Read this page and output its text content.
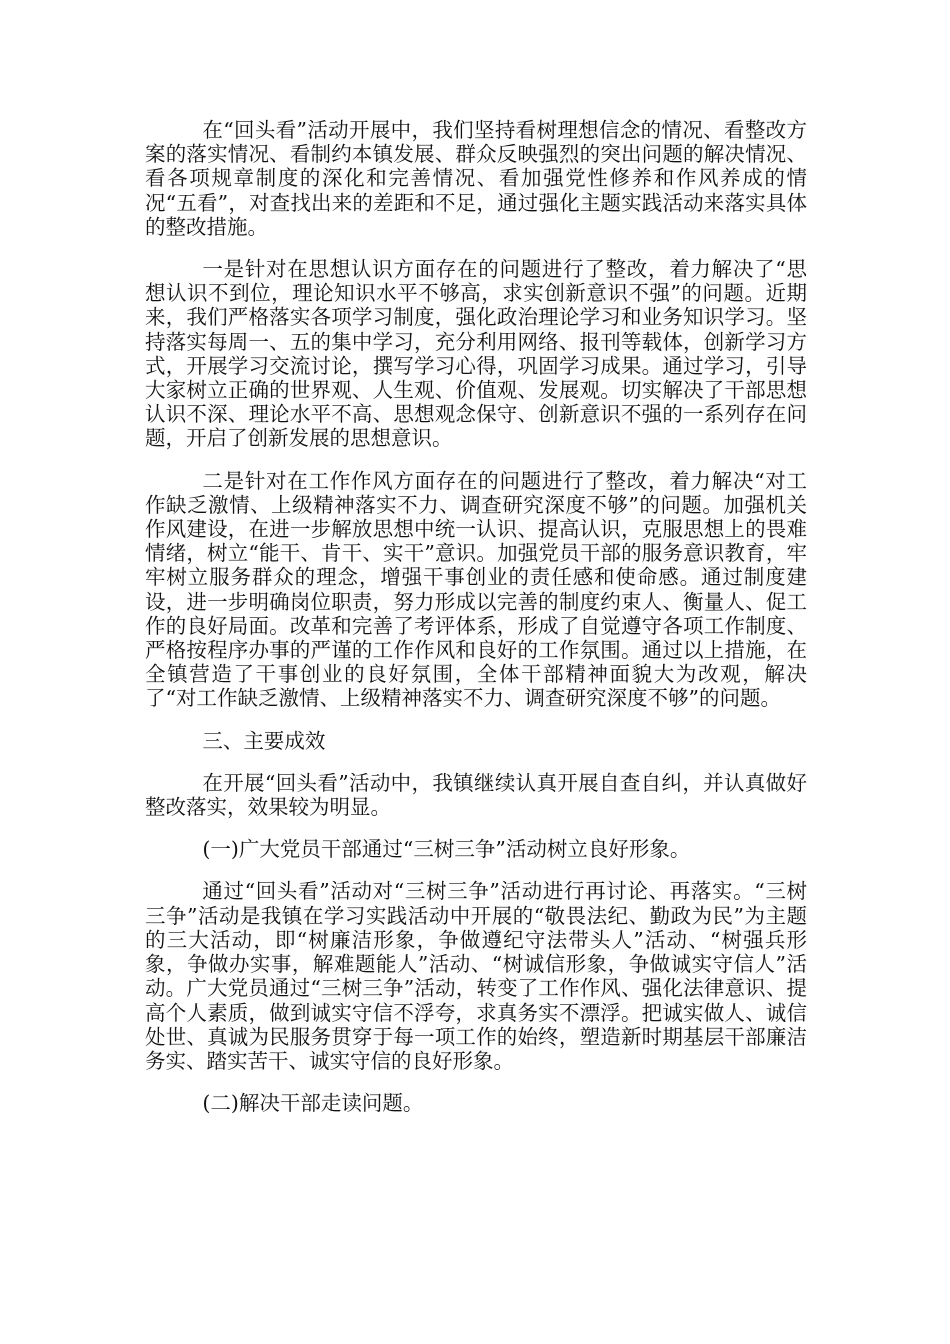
在“回头看”活动开展中，我们坚持看树理想信念的情况、看整改方案的落实情况、看制约本镇发展、群众反映强烈的突出问题的解决情况、看各项规章制度的深化和完善情况、看加强党性修养和作风养成的情况“五看”，对查找出来的差距和不足，通过强化主题实践活动来落实具体的整改措施。

一是针对在思想认识方面存在的问题进行了整改，着力解决了“思想认识不到位，理论知识水平不够高，求实创新意识不强”的问题。近期来，我们严格落实各项学习制度，强化政治理论学习和业务知识学习。坚持落实每周一、五的集中学习，充分利用网络、报刊等载体，创新学习方式，开展学习交流讨论，撰写学习心得，巩固学习成果。通过学习，引导大家树立正确的世界观、人生观、价值观、发展观。切实解决了干部思想认识不深、理论水平不高、思想观念保守、创新意识不强的一系列存在问题，开启了创新发展的思想意识。

二是针对在工作作风方面存在的问题进行了整改，着力解决“对工作缺乏激情、上级精神落实不力、调查研究深度不够”的问题。加强机关作风建设，在进一步解放思想中统一认识、提高认识，克服思想上的畏难情绪，树立“能干、肯干、实干”意识。加强党员干部的服务意识教育，牢牢树立服务群众的理念，增强干事创业的责任感和使命感。通过制度建设，进一步明确岗位职责，努力形成以完善的制度约束人、衡量人、促工作的良好局面。改革和完善了考评体系，形成了自觉遵守各项工作制度、严格按程序办事的严谨的工作作风和良好的工作氛围。通过以上措施，在全镇营造了干事创业的良好氛围，全体干部精神面貌大为改观，解决了“对工作缺乏激情、上级精神落实不力、调查研究深度不够”的问题。

三、主要成效

在开展“回头看”活动中，我镇继续认真开展自查自纠，并认真做好整改落实，效果较为明显。

(一)广大党员干部通过“三树三争”活动树立良好形象。

通过“回头看”活动对“三树三争”活动进行再讨论、再落实。“三树三争”活动是我镇在学习实践活动中开展的“敬畏法纪、勤政为民”为主题的三大活动，即“树廉洁形象，争做遵纪守法带头人”活动、“树强兵形象，争做办实事，解难题能人”活动、“树诚信形象，争做诚实守信人”活动。广大党员通过“三树三争”活动，转变了工作作风、强化法律意识、提高个人素质，做到诚实守信不浮夸，求真务实不漂浮。把诚实做人、诚信处世、真诚为民服务贯穿于每一项工作的始终，塑造新时期基层干部廉洁务实、踏实苦干、诚实守信的良好形象。

(二)解决干部走读问题。
